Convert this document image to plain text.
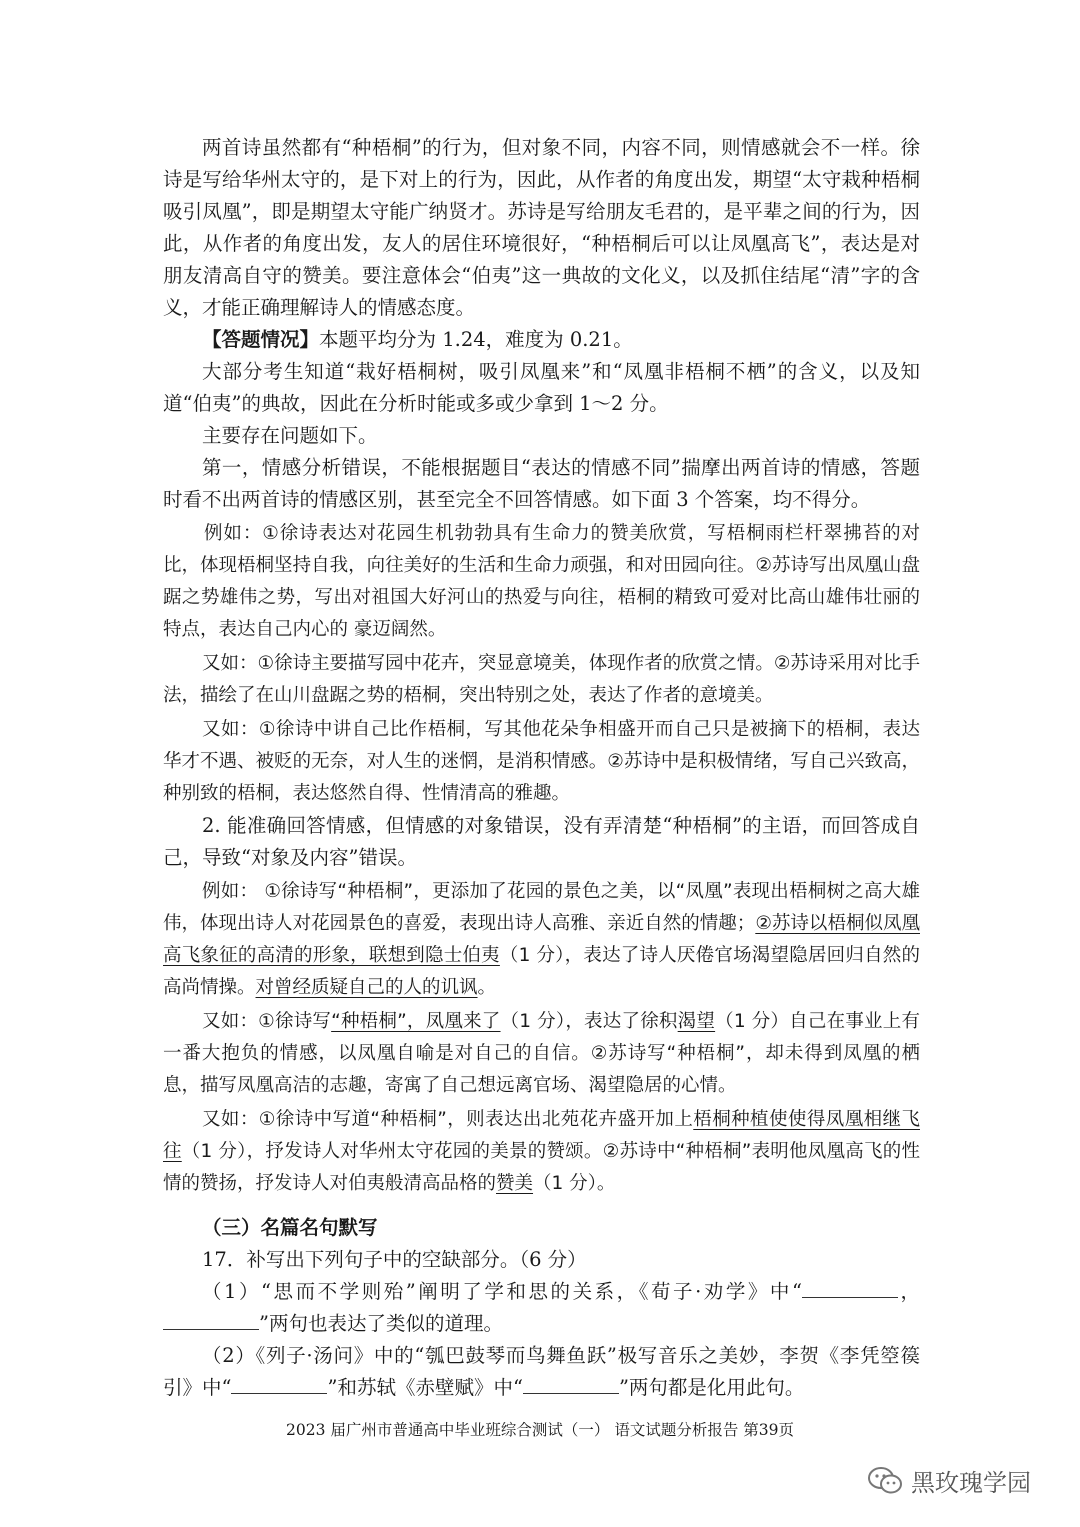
两首诗虽然都有“种梧桐”的行为，但对象不同，内容不同，则情感就会不一样。徐诗是写给华州太守的，是下对上的行为，因此，从作者的角度出发，期望“太守栽种梧桐吸引凤凰”，即是期望太守能广纳贤才。苏诗是写给朋友毛君的，是平辈之间的行为，因此，从作者的角度出发，友人的居住环境很好，“种梧桐后可以让凤凰高飞”，表达是对朋友清高自守的赞美。要注意体会“伯夷”这一典故的文化义，以及抓住结尾“清”字的含义，才能正确理解诗人的情感态度。

【答题情况】本题平均分为 1.24，难度为 0.21。

大部分考生知道“栽好梧桐树，吸引凤凰来”和“凤凰非梧桐不栖”的含义，以及知道“伯夷”的典故，因此在分析时能或多或少拿到 1～2 分。

主要存在问题如下。

第一，情感分析错误，不能根据题目“表达的情感不同”揣摩出两首诗的情感，答题时看不出两首诗的情感区别，甚至完全不回答情感。如下面 3 个答案，均不得分。

例如：①徐诗表达对花园生机勃勃具有生命力的赞美欣赏，写梧桐雨栏杆翠拂苔的对比，体现梧桐坚持自我，向往美好的生活和生命力顽强，和对田园向往。②苏诗写出凤凰山盘踞之势雄伟之势，写出对祖国大好河山的热爱与向往，梧桐的精致可爱对比高山雄伟壮丽的特点，表达自己内心的 豪迈阔然。

又如：①徐诗主要描写园中花卉，突显意境美，体现作者的欣赏之情。②苏诗采用对比手法，描绘了在山川盘踞之势的梧桐，突出特别之处，表达了作者的意境美。

又如：①徐诗中讲自己比作梧桐，写其他花朵争相盛开而自己只是被摘下的梧桐，表达华才不遇、被贬的无奈，对人生的迷惘，是消积情感。②苏诗中是积极情绪，写自己兴致高，种别致的梧桐，表达悠然自得、性情清高的雅趣。

2. 能准确回答情感，但情感的对象错误，没有弄清楚“种梧桐”的主语，而回答成自己，导致“对象及内容”错误。

例如： ①徐诗写“种梧桐”，更添加了花园的景色之美，以“凤凰”表现出梧桐树之高大雄伟，体现出诗人对花园景色的喜爱，表现出诗人高雅、亲近自然的情趣；②苏诗以梧桐似凤凰高飞象征的高清的形象，联想到隐士伯夷（1 分），表达了诗人厌倦官场渴望隐居回归自然的高尚情操。对曾经质疑自己的人的讥讽。

又如：①徐诗写“种梧桐”，凤凰来了（1 分），表达了徐积渴望（1 分）自己在事业上有一番大抱负的情感，以凤凰自喻是对自己的自信。②苏诗写“种梧桐”，却未得到凤凰的栖息，描写凤凰高洁的志趣，寄寓了自己想远离官场、渴望隐居的心情。

又如：①徐诗中写道“种梧桐”，则表达出北苑花卉盛开加上梧桐种植使使得凤凰相继飞往（1 分），抒发诗人对华州太守花园的美景的赞颂。②苏诗中“种梧桐”表明他凤凰高飞的性情的赞扬，抒发诗人对伯夷般清高品格的赞美（1 分）。

（三）名篇名句默写

17．补写出下列句子中的空缺部分。（6 分）

（1）“思而不学则殆”阐明了学和思的关系，《荀子·劝学》中“	，”两句也表达了类似的道理。

（2）《列子·汤问》中的“瓠巴鼓琴而鸟舞鱼跃”极写音乐之美妙，李贺《李凭箜篌引》中“	”和苏轼《赤壁赋》中“	”两句都是化用此句。

2023 届广州市普通高中毕业班综合测试（一） 语文试题分析报告 第39页
黑玫瑰学园
